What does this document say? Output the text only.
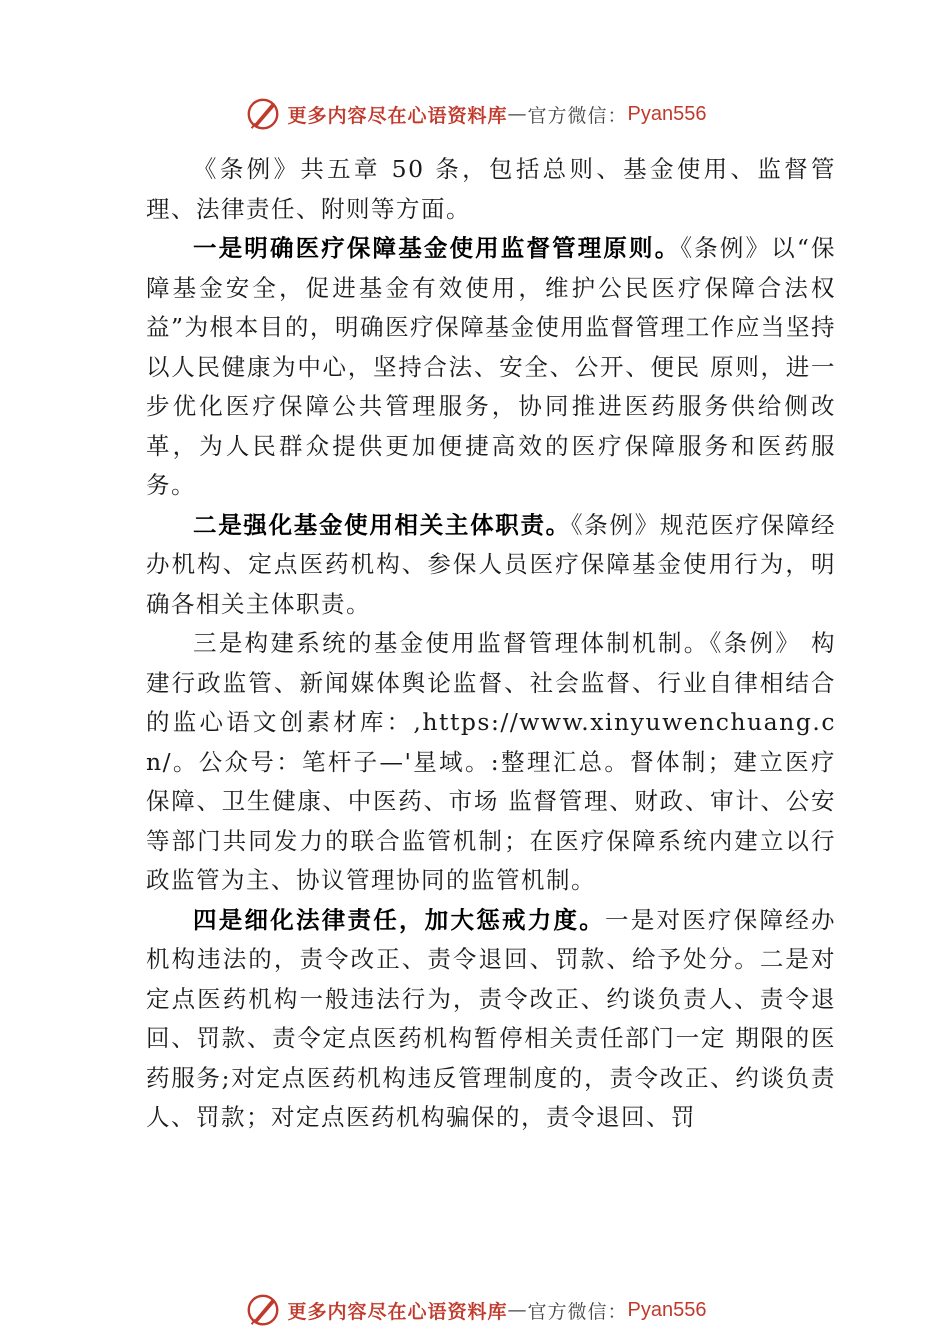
更多内容尽在心语资料库 — 官方微信： Pyan556

《条例》共五章 50 条，包括总则、基金使用、监督管理、法律责任、附则等方面。

一是明确医疗保障基金使用监督管理原则。《条例》以“保障基金安全，促进基金有效使用，维护公民医疗保障合法权益”为根本目的，明确医疗保障基金使用监督管理工作应当坚持以人民健康为中心，坚持合法、安全、公开、便民 原则，进一步优化医疗保障公共管理服务，协同推进医药服务供给侧改革，为人民群众提供更加便捷高效的医疗保障服务和医药服务。

二是强化基金使用相关主体职责。《条例》规范医疗保障经办机构、定点医药机构、参保人员医疗保障基金使用行为，明确各相关主体职责。

三是构建系统的基金使用监督管理体制机制。《条例》 构建行政监管、新闻媒体舆论监督、社会监督、行业自律相结合的监心语文创素材库：,https://www.xinyuwenchuang.cn/。公众号：笔杆子—'星域。:整理汇总。督体制；建立医疗保障、卫生健康、中医药、市场 监督管理、财政、审计、公安等部门共同发力的联合监管机制；在医疗保障系统内建立以行政监管为主、协议管理协同的监管机制。

四是细化法律责任，加大惩戒力度。一是对医疗保障经办机构违法的，责令改正、责令退回、罚款、给予处分。二是对定点医药机构一般违法行为，责令改正、约谈负责人、责令退回、罚款、责令定点医药机构暂停相关责任部门一定 期限的医药服务;对定点医药机构违反管理制度的，责令改正、约谈负责人、罚款；对定点医药机构骗保的，责令退回、罚

更多内容尽在心语资料库 — 官方微信： Pyan556
